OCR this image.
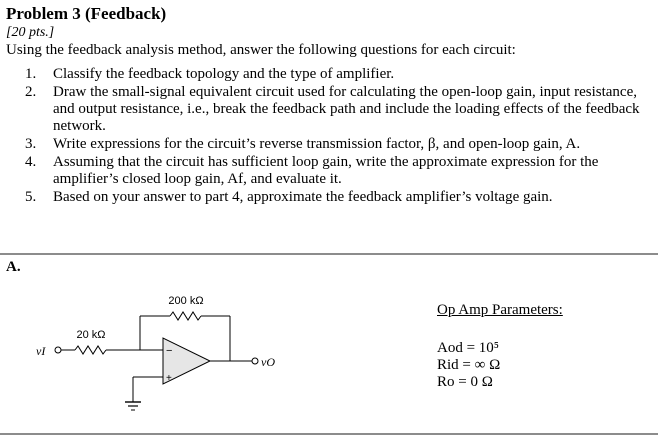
Problem 3 (Feedback)
[20 pts.]
Using the feedback analysis method, answer the following questions for each circuit:
1. Classify the feedback topology and the type of amplifier.
2. Draw the small-signal equivalent circuit used for calculating the open-loop gain, input resistance, and output resistance, i.e., break the feedback path and include the loading effects of the feedback network.
3. Write expressions for the circuit’s reverse transmission factor, β, and open-loop gain, A.
4. Assuming that the circuit has sufficient loop gain, write the approximate expression for the amplifier’s closed loop gain, Af, and evaluate it.
5. Based on your answer to part 4, approximate the feedback amplifier’s voltage gain.
A.
200 kΩ
20 kΩ
vI
vO
−
+
Op Amp Parameters:
Aod = 10⁵
Rid = ∞ Ω
Ro = 0 Ω
